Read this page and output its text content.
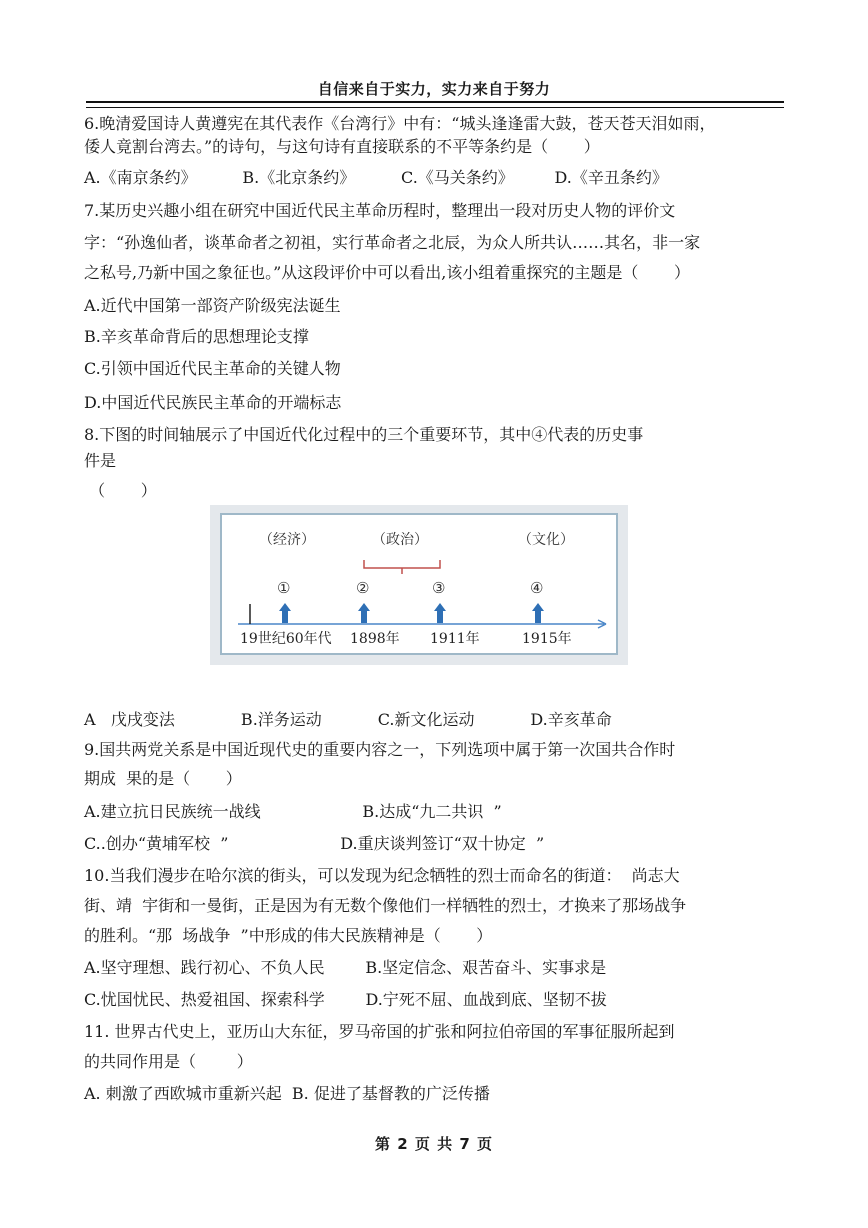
自信来自于实力，实力来自于努力
6.晚清爱国诗人黄遵宪在其代表作《台湾行》中有：“城头逢逢雷大鼓，苍天苍天泪如雨，
倭人竟割台湾去。”的诗句，与这句诗有直接联系的不平等条约是（       ）
A.《南京条约》         B.《北京条约》         C.《马关条约》        D.《辛丑条约》
7.某历史兴趣小组在研究中国近代民主革命历程时，整理出一段对历史人物的评价文
字：“孙逸仙者，谈革命者之初祖，实行革命者之北辰，为众人所共认……其名，非一家
之私号,乃新中国之象征也。”从这段评价中可以看出,该小组着重探究的主题是（       ）
A.近代中国第一部资产阶级宪法诞生
B.辛亥革命背后的思想理论支撑
C.引领中国近代民主革命的关键人物
D.中国近代民族民主革命的开端标志
8.下图的时间轴展示了中国近代化过程中的三个重要环节，其中④代表的历史事
件是
（       ）
（经济）	（政治）	（文化）
①	②	③	④
19世纪60年代 1898年 1911年	1915年
A   戊戌变法             B.洋务运动           C.新文化运动           D.辛亥革命
9.国共两党关系是中国近现代史的重要内容之一，下列选项中属于第一次国共合作时
期成  果的是（       ）
A.建立抗日民族统一战线                    B.达成“九二共识  ”
C..创办“黄埔军校  ”                      D.重庆谈判签订“双十协定  ”
10.当我们漫步在哈尔滨的街头，可以发现为纪念牺牲的烈士而命名的街道：  尚志大
街、靖  宇街和一曼街，正是因为有无数个像他们一样牺牲的烈士，才换来了那场战争
的胜利。“那  场战争  ”中形成的伟大民族精神是（       ）
A.坚守理想、践行初心、不负人民        B.坚定信念、艰苦奋斗、实事求是
C.忧国忧民、热爱祖国、探索科学        D.宁死不屈、血战到底、坚韧不拔
11. 世界古代史上，亚历山大东征，罗马帝国的扩张和阿拉伯帝国的军事征服所起到
的共同作用是（        ）
A. 刺激了西欧城市重新兴起  B. 促进了基督教的广泛传播
第 2 页 共 7 页
